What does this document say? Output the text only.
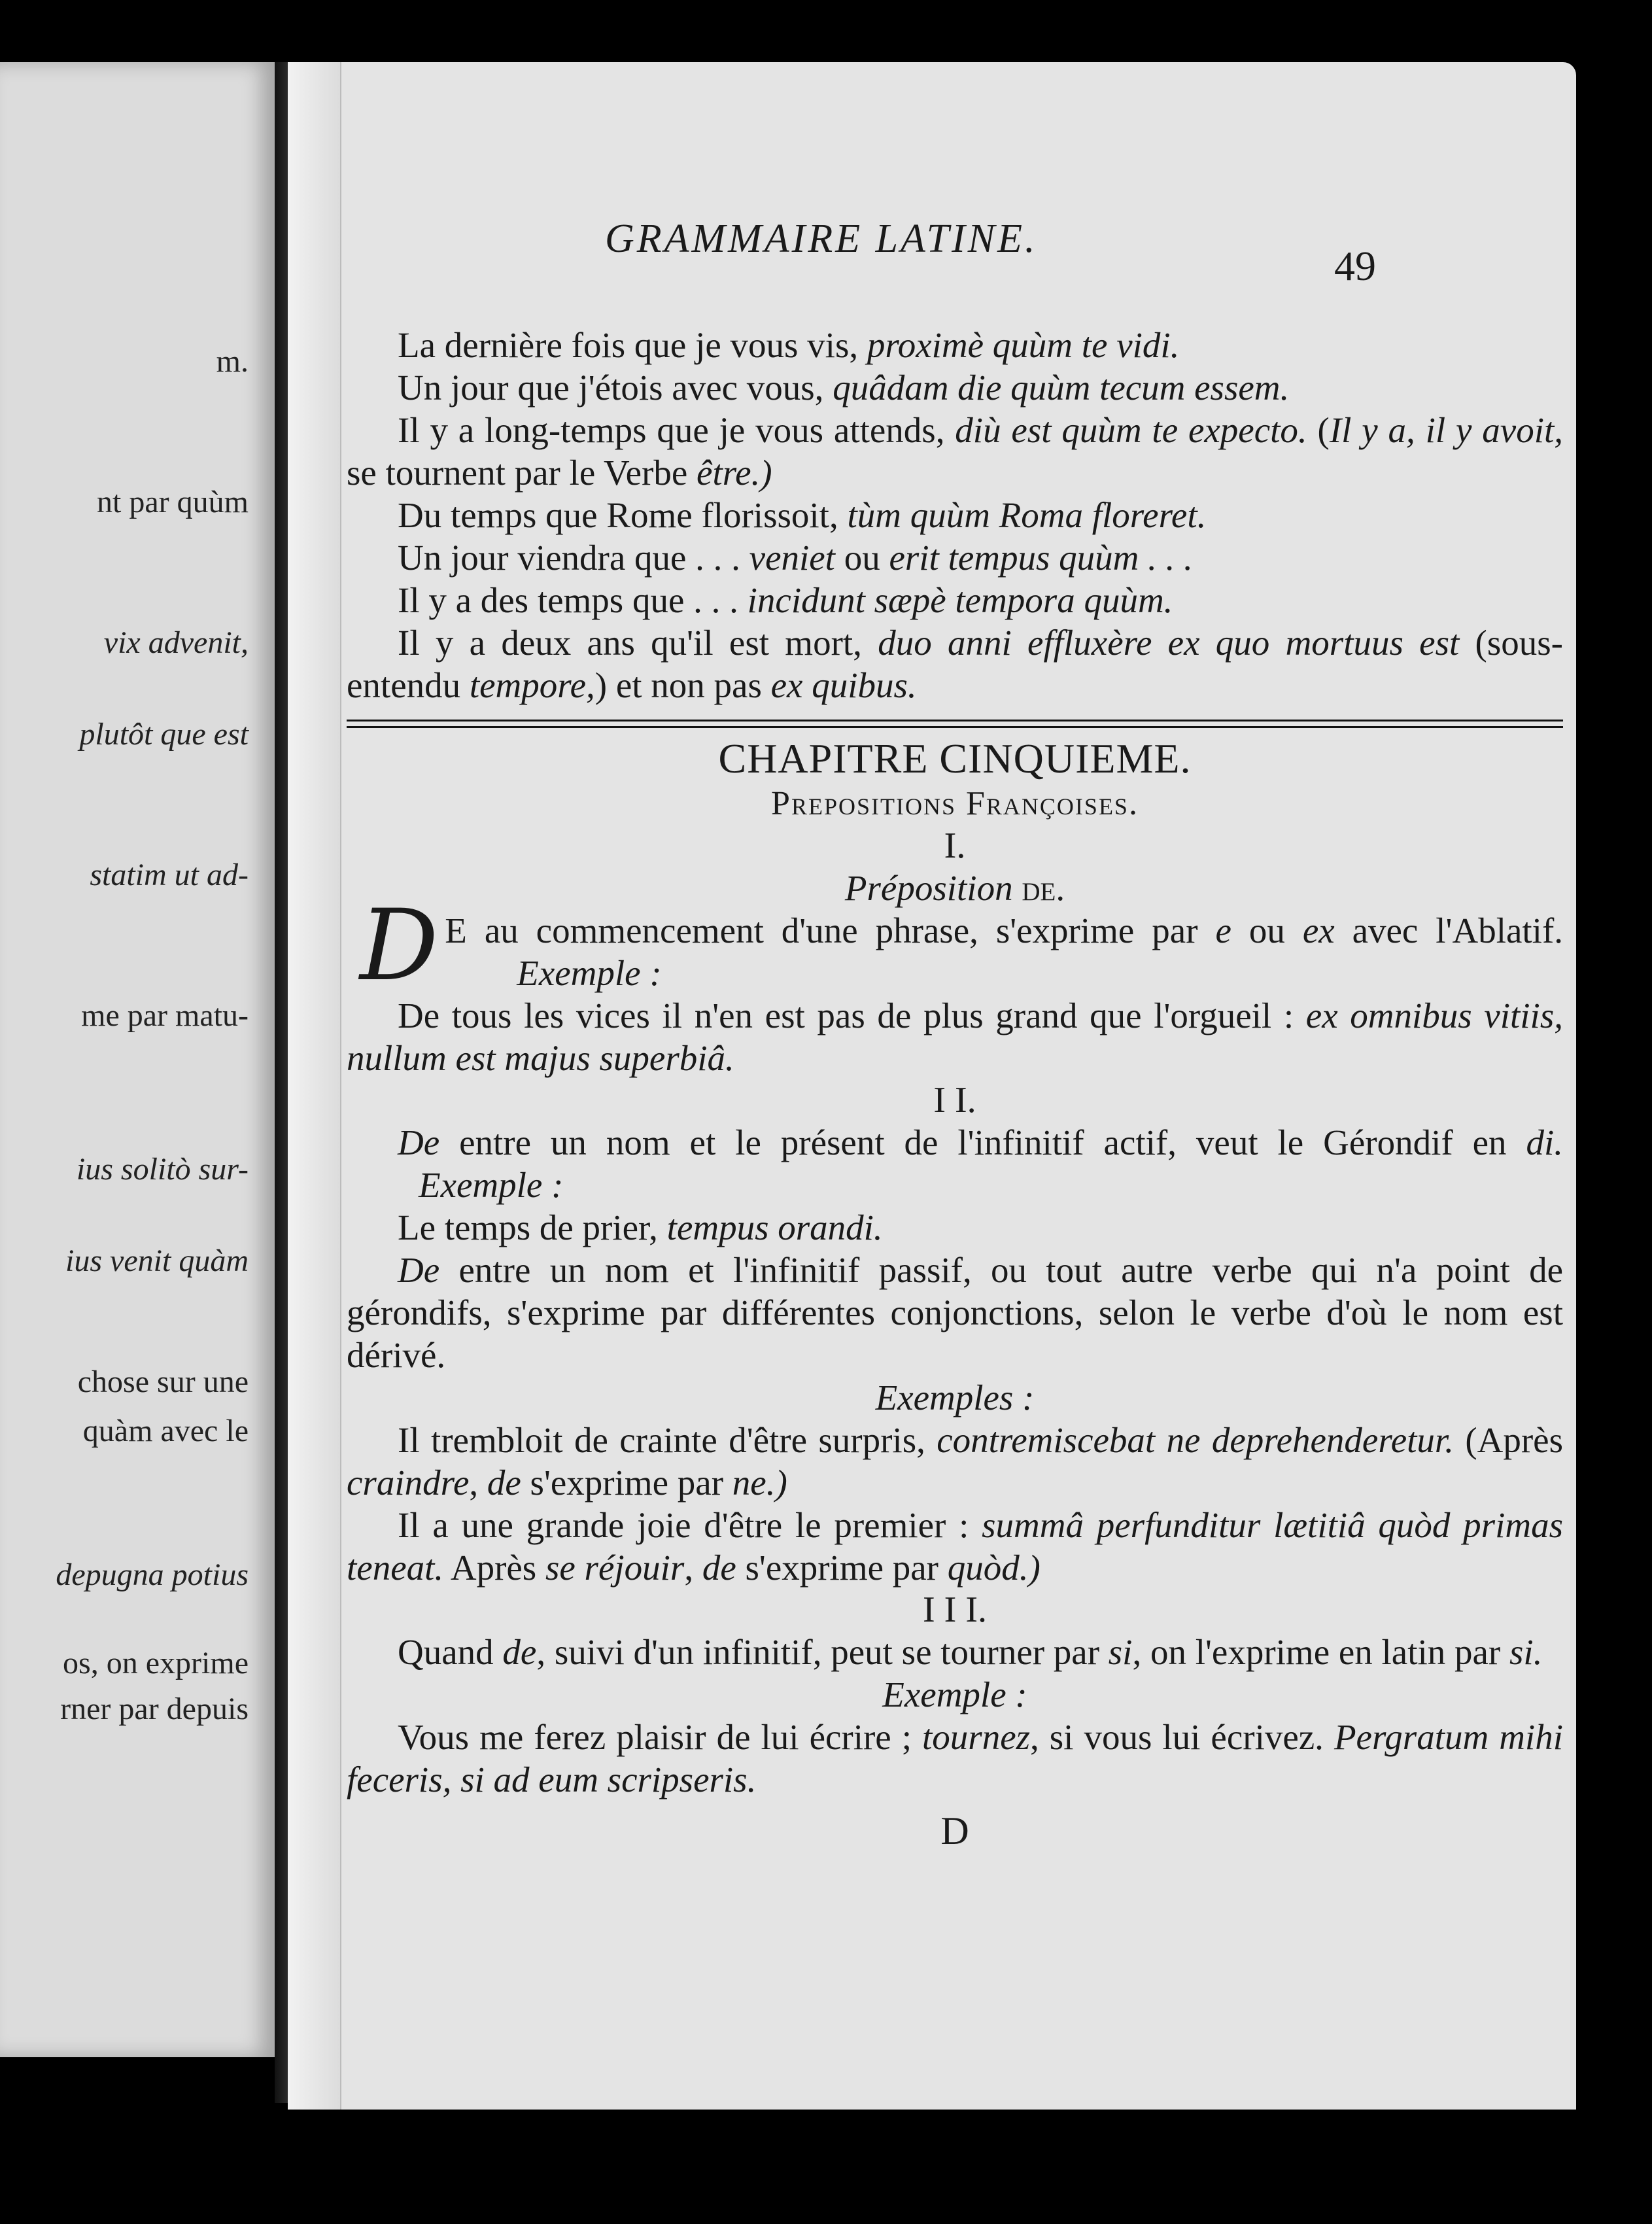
m.
nt par quùm
vix advenit,
plutôt que est
statim ut ad-
me par matu-
ius solitò sur-
ius venit quàm
chose sur une
quàm avec le
depugna potius
os, on exprime
rner par depuis
GRAMMAIRE LATINE.
49

La dernière fois que je vous vis, proximè quùm te vidi.

Un jour que j'étois avec vous, quâdam die quùm tecum essem.

Il y a long-temps que je vous attends, diù est quùm te expecto. (Il y a, il y avoit, se tournent par le Verbe être.)

Du temps que Rome florissoit, tùm quùm Roma floreret.

Un jour viendra que . . . veniet ou erit tempus quùm . . .

Il y a des temps que . . . incidunt sæpè tempora quùm.

Il y a deux ans qu'il est mort, duo anni effluxère ex quo mortuus est (sous-entendu tempore,) et non pas ex quibus.

CHAPITRE CINQUIEME.
Prepositions Françoises.
I.
Préposition de.

D E au commencement d'une phrase, s'exprime par e ou ex avec l'Ablatif.         Exemple :

De tous les vices il n'en est pas de plus grand que l'orgueil : ex omnibus vitiis, nullum est majus superbiâ.

I I.

De entre un nom et le présent de l'infinitif actif, veut le Gérondif en di.         Exemple :

Le temps de prier, tempus orandi.

De entre un nom et l'infinitif passif, ou tout autre verbe qui n'a point de gérondifs, s'exprime par différentes conjonctions, selon le verbe d'où le nom est dérivé.

Exemples :

Il trembloit de crainte d'être surpris, contremiscebat ne deprehenderetur. (Après craindre, de s'exprime par ne.)

Il a une grande joie d'être le premier : summâ perfunditur lætitiâ quòd primas teneat. Après se réjouir, de s'exprime par quòd.)

I I I.

Quand de, suivi d'un infinitif, peut se tourner par si, on l'exprime en latin par si.

Exemple :

Vous me ferez plaisir de lui écrire ; tournez, si vous lui écrivez. Pergratum mihi feceris, si ad eum scripseris.

D
